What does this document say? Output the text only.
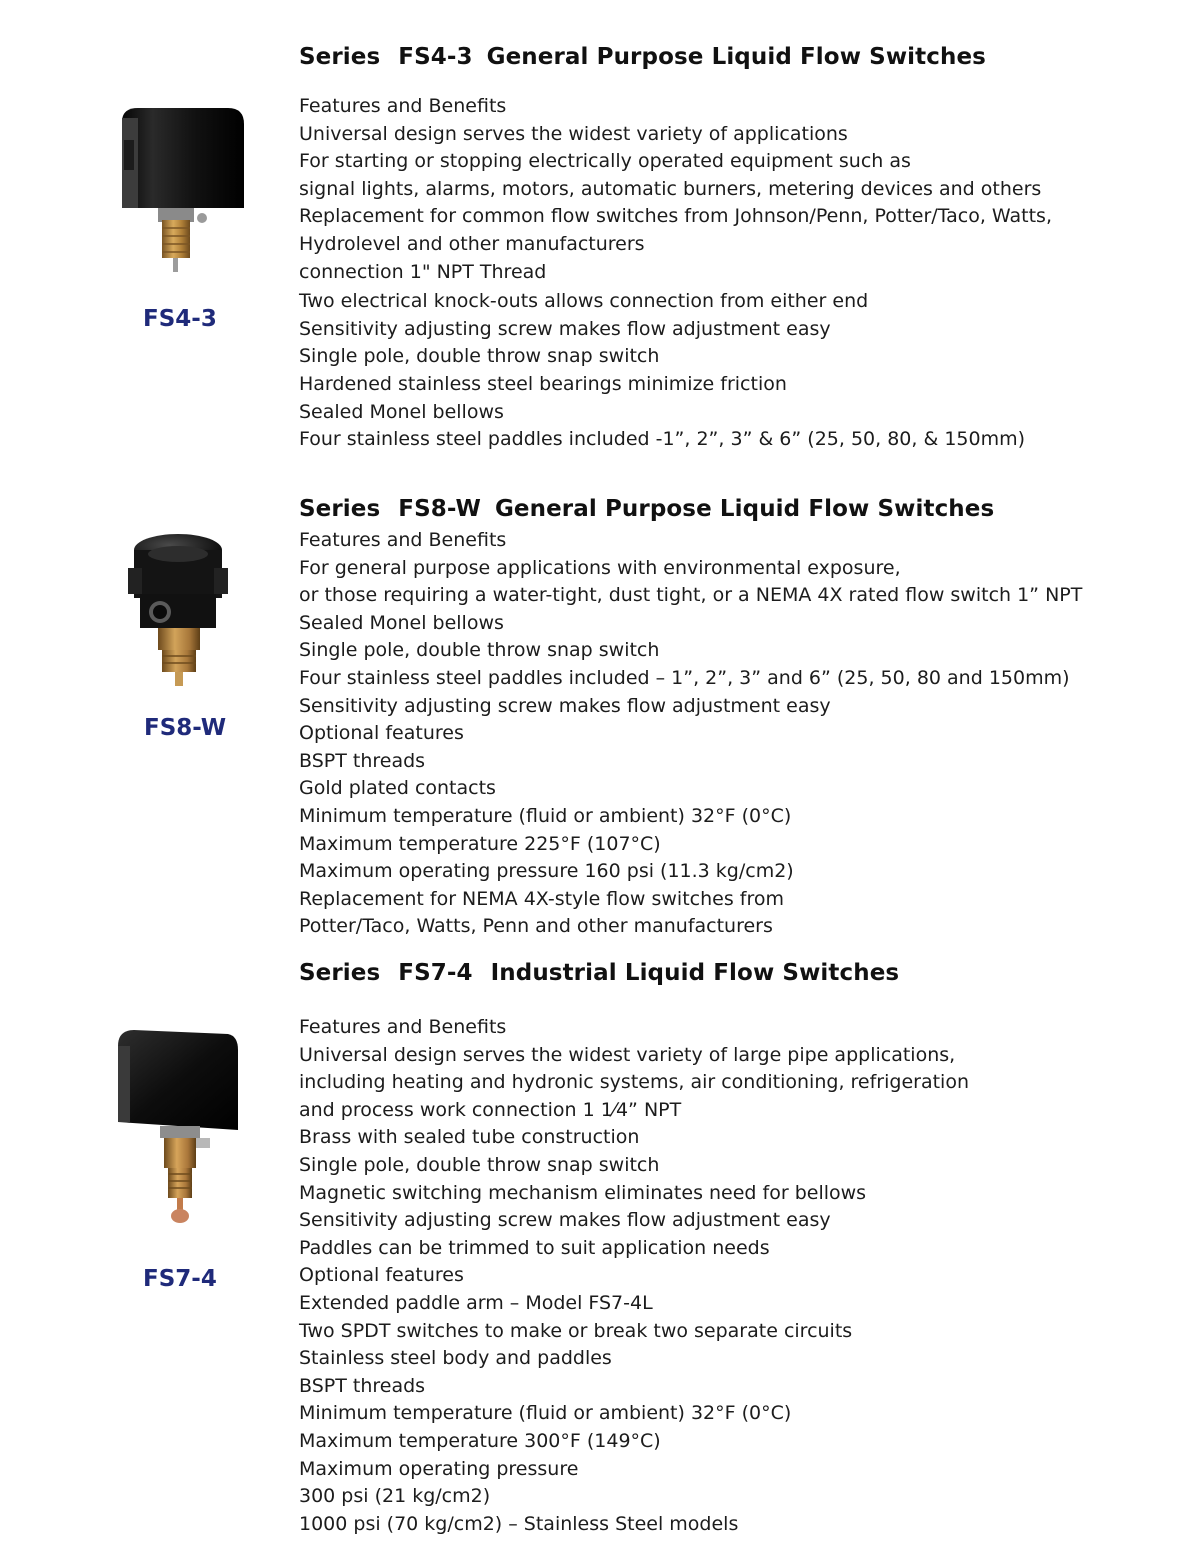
Series FS4-3 General Purpose Liquid Flow Switches
FS4-3
Features and Benefits
Universal design serves the widest variety of applications
For starting or stopping electrically operated equipment such as
signal lights, alarms, motors, automatic burners, metering devices and others
Replacement for common flow switches from Johnson/Penn, Potter/Taco, Watts,
Hydrolevel and other manufacturers
connection 1" NPT Thread
Two electrical knock-outs allows connection from either end
Sensitivity adjusting screw makes flow adjustment easy
Single pole, double throw snap switch
Hardened stainless steel bearings minimize friction
Sealed Monel bellows
Four stainless steel paddles included -1”, 2”, 3” & 6” (25, 50, 80, & 150mm)
Series FS8-W General Purpose Liquid Flow Switches
FS8-W
Features and Benefits
For general purpose applications with environmental exposure,
or those requiring a water-tight, dust tight, or a NEMA 4X rated flow switch 1” NPT
Sealed Monel bellows
Single pole, double throw snap switch
Four stainless steel paddles included – 1”, 2”, 3” and 6” (25, 50, 80 and 150mm)
Sensitivity adjusting screw makes flow adjustment easy
Optional features
BSPT threads
Gold plated contacts
Minimum temperature (fluid or ambient) 32°F (0°C)
Maximum temperature 225°F (107°C)
Maximum operating pressure 160 psi (11.3 kg/cm2)
Replacement for NEMA 4X-style flow switches from
Potter/Taco, Watts, Penn and other manufacturers
Series FS7-4 Industrial Liquid Flow Switches
FS7-4
Features and Benefits
Universal design serves the widest variety of large pipe applications,
including heating and hydronic systems, air conditioning, refrigeration
and process work connection 1 1⁄4” NPT
Brass with sealed tube construction
Single pole, double throw snap switch
Magnetic switching mechanism eliminates need for bellows
Sensitivity adjusting screw makes flow adjustment easy
Paddles can be trimmed to suit application needs
Optional features
Extended paddle arm – Model FS7-4L
Two SPDT switches to make or break two separate circuits
Stainless steel body and paddles
BSPT threads
Minimum temperature (fluid or ambient) 32°F (0°C)
Maximum temperature 300°F (149°C)
Maximum operating pressure
300 psi (21 kg/cm2)
1000 psi (70 kg/cm2) – Stainless Steel models
